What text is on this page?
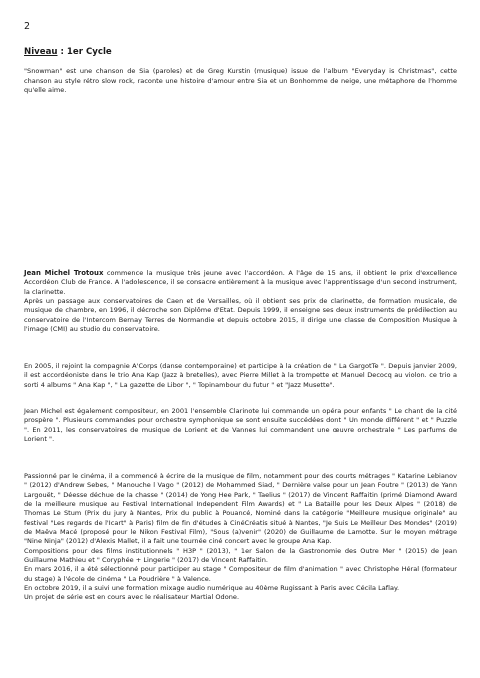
2
Niveau : 1er Cycle

"Snowman" est une chanson de Sia (paroles) et de Greg Kurstin (musique) issue de l'album "Everyday is Christmas", cette chanson au style rétro slow rock, raconte une histoire d'amour entre Sia et un Bonhomme de neige, une métaphore de l'homme qu'elle aime.

Jean Michel Trotoux commence la musique très jeune avec l'accordéon. A l'âge de 15 ans, il obtient le prix d'excellence Accordéon Club de France. A l'adolescence, il se consacre entièrement à la musique avec l'apprentissage d'un second instrument, la clarinette.
Après un passage aux conservatoires de Caen et de Versailles, où il obtient ses prix de clarinette, de formation musicale, de musique de chambre, en 1996, il décroche son Diplôme d'Etat. Depuis 1999, il enseigne ses deux instruments de prédilection au conservatoire de l'Intercom Bernay Terres de Normandie et depuis octobre 2015, il dirige une classe de Composition Musique à l'image (CMI) au studio du conservatoire.

En 2005, il rejoint la compagnie A'Corps (danse contemporaine) et participe à la création de " La GargotTe ". Depuis janvier 2009, il est accordéoniste dans le trio Ana Kap (Jazz à bretelles), avec Pierre Millet à la trompette et Manuel Decocq au violon. ce trio a sorti 4 albums " Ana Kap ", " La gazette de Libor ", " Topinambour du futur " et "Jazz Musette".

Jean Michel est également compositeur, en 2001 l'ensemble Clarinote lui commande un opéra pour enfants " Le chant de la cité prospère ". Plusieurs commandes pour orchestre symphonique se sont ensuite succédées dont " Un monde différent " et " Puzzle ". En 2011, les conservatoires de musique de Lorient et de Vannes lui commandent une œuvre orchestrale " Les parfums de Lorient ".

Passionné par le cinéma, il a commencé à écrire de la musique de film, notamment pour des courts métrages " Katarine Lebianov " (2012) d'Andrew Sebes, " Manouche l Vago " (2012) de Mohammed Siad, " Dernière valse pour un Jean Foutre " (2013) de Yann Largouët, " Déesse déchue de la chasse " (2014) de Yong Hee Park, " Taelius " (2017) de Vincent Raffaitin (primé Diamond Award de la meilleure musique au Festival International Independent Film Awards) et " La Bataille pour les Deux Alpes " (2018) de Thomas Le Stum (Prix du jury à Nantes, Prix du public à Pouancé, Nominé dans la catégorie "Meilleure musique originale" au festival "Les regards de l'Icart" à Paris) film de fin d'études à CinéCréatis situé à Nantes, "Je Suis Le Meilleur Des Mondes" (2019) de Maëva Macé (proposé pour le Nikon Festival Film), "Sous (a)venir" (2020) de Guillaume de Lamotte. Sur le moyen métrage "Nine Ninja" (2012) d'Alexis Mallet, il a fait une tournée ciné concert avec le groupe Ana Kap.
Compositions pour des films institutionnels " H3P " (2013), " 1er Salon de la Gastronomie des Outre Mer " (2015) de Jean Guillaume Mathieu et " Coryphée + Lingerie " (2017) de Vincent Raffaitin.
En mars 2016, il a été sélectionné pour participer au stage " Compositeur de film d'animation " avec Christophe Héral (formateur du stage) à l'école de cinéma " La Poudrière " à Valence.
En octobre 2019, il a suivi une formation mixage audio numérique au 40ème Rugissant à Paris avec Cécila Laflay.
Un projet de série est en cours avec le réalisateur Martial Odone.
